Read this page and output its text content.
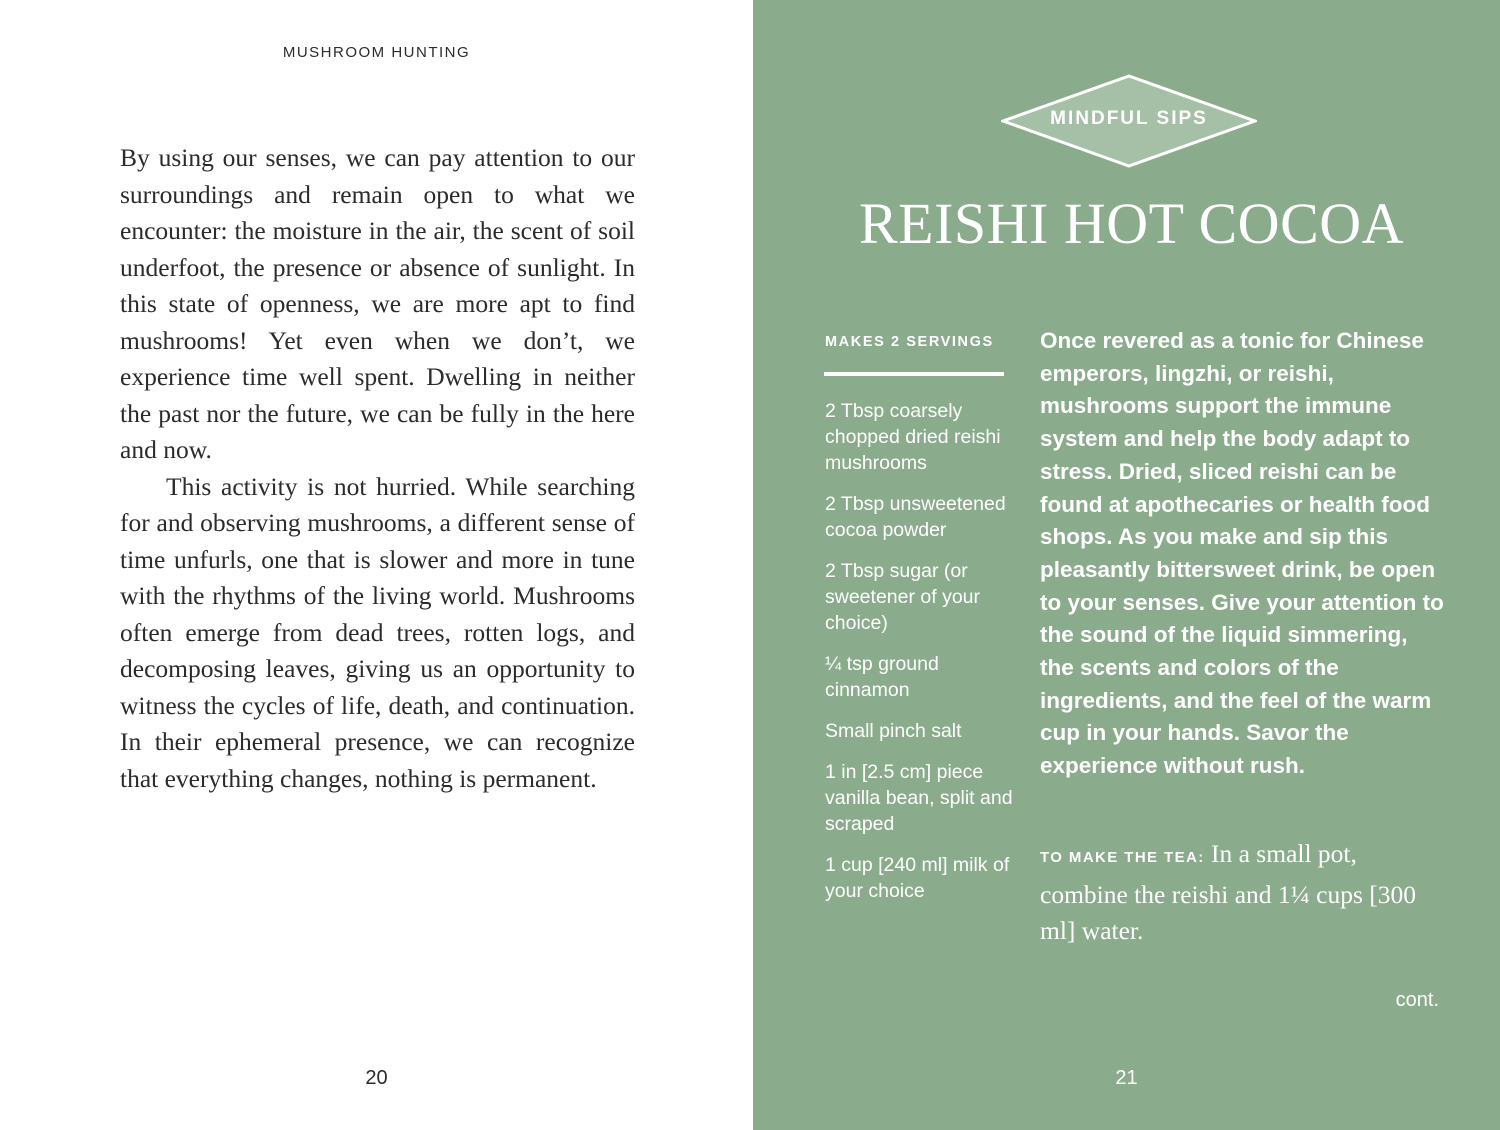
MUSHROOM HUNTING

By using our senses, we can pay attention to our surroundings and remain open to what we encounter: the moisture in the air, the scent of soil underfoot, the presence or absence of sunlight. In this state of openness, we are more apt to find mushrooms! Yet even when we don’t, we experience time well spent. Dwelling in neither the past nor the future, we can be fully in the here and now.

This activity is not hurried. While searching for and observing mushrooms, a different sense of time unfurls, one that is slower and more in tune with the rhythms of the living world. Mushrooms often emerge from dead trees, rotten logs, and decomposing leaves, giving us an opportunity to witness the cycles of life, death, and continuation. In their ephemeral presence, we can recognize that everything changes, nothing is permanent.

20
MINDFUL SIPS
REISHI HOT COCOA
MAKES 2 SERVINGS
2 Tbsp coarsely chopped dried reishi mushrooms
2 Tbsp unsweetened cocoa powder
2 Tbsp sugar (or sweetener of your choice)
¼ tsp ground cinnamon
Small pinch salt
1 in [2.5 cm] piece vanilla bean, split and scraped
1 cup [240 ml] milk of your choice
Once revered as a tonic for Chinese emperors, lingzhi, or reishi, mushrooms support the immune system and help the body adapt to stress. Dried, sliced reishi can be found at apothecaries or health food shops. As you make and sip this pleasantly bittersweet drink, be open to your senses. Give your attention to the sound of the liquid simmering, the scents and colors of the ingredients, and the feel of the warm cup in your hands. Savor the experience without rush.
TO MAKE THE TEA: In a small pot, combine the reishi and 1¼ cups [300 ml] water.
cont.
21
